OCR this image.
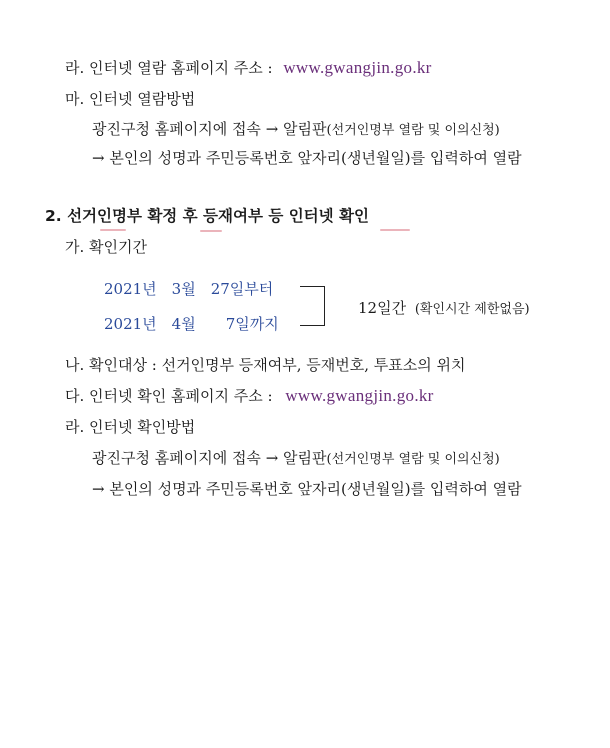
라. 인터넷 열람 홈페이지 주소 : www.gwangjin.go.kr
마. 인터넷 열람방법
광진구청 홈페이지에 접속 → 알림판(선거인명부 열람 및 이의신청)
→ 본인의 성명과 주민등록번호 앞자리(생년월일)를 입력하여 열람
2. 선거인명부 확정 후 등재여부 등 인터넷 확인
가. 확인기간
2021년　3월　27일부터
2021년　4월　　7일까지
12일간 (확인시간 제한없음)
나. 확인대상 : 선거인명부 등재여부, 등재번호, 투표소의 위치
다. 인터넷 확인 홈페이지 주소 : www.gwangjin.go.kr
라. 인터넷 확인방법
광진구청 홈페이지에 접속 → 알림판(선거인명부 열람 및 이의신청)
→ 본인의 성명과 주민등록번호 앞자리(생년월일)를 입력하여 열람
